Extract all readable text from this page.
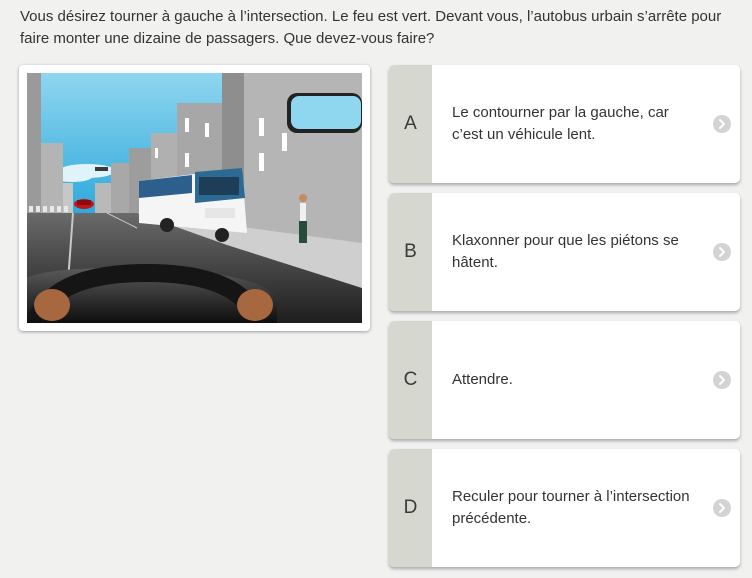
Vous désirez tourner à gauche à l’intersection. Le feu est vert. Devant vous, l’autobus urbain s’arrête pour faire monter une dizaine de passagers. Que devez-vous faire?
A
Le contourner par la gauche, car c’est un véhicule lent.
B
Klaxonner pour que les piétons se hâtent.
C	Attendre.
D
Reculer pour tourner à l’intersection précédente.
